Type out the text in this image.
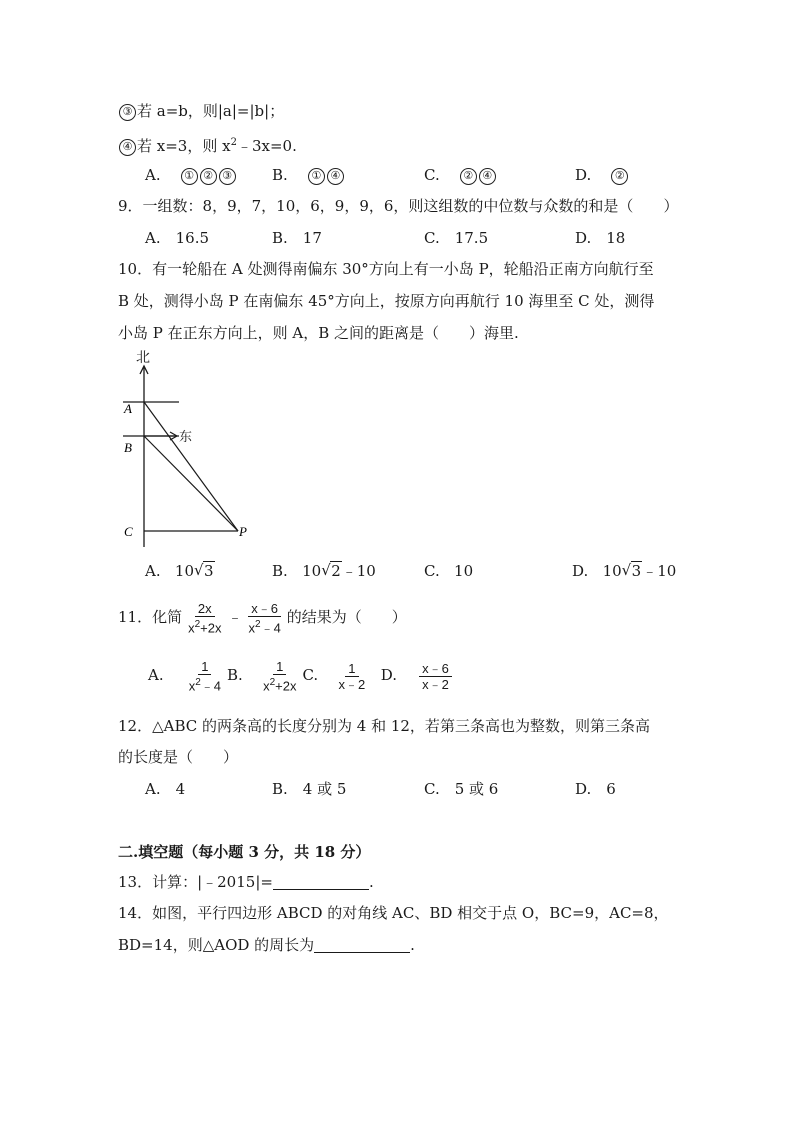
③ 若 a=b，则|a|=|b|；
④ 若 x=3，则 $x^2﹣3x=0$.
A. ① ② ③	B. ① ④	C. ② ④	D. ②
9．一组数：8，9，7，10，6，9，9，6，则这组数的中位数与众数的和是（　　）
A.　16.5	B.　17	C.　17.5	D.　18
10．有一轮船在 A 处测得南偏东 30°方向上有一小岛 P，轮船沿正南方向航行至
B 处，测得小岛 P 在南偏东 45°方向上，按原方向再航行 10 海里至 C 处，测得
小岛 P 在正东方向上，则 A，B 之间的距离是（　　）海里.
北
东
A
B
C	P
A. 10 √ 3	B. 10 √ 2﹣10	C. 10	D. 10 √ 3﹣10
11．化简 $\frac{2x}{x^2+2x}$ ﹣ $\frac{x﹣6}{x^2﹣4}$ 的结果为（　　）
A. $\frac{1}{x^2﹣4} B$. $\frac{1}{x^2+2x} C$. $\frac{1}{x﹣2} D$. $\frac{x﹣6}{x﹣2}$
12．△ABC 的两条高的长度分别为 4 和 12，若第三条高也为整数，则第三条高
的长度是（　　）
A.　4	B.　4 或 5	C.　5 或 6	D.　6
二.填空题（每小题 3 分，共 18 分）
13．计算：|﹣2015|=	.
14．如图，平行四边形 ABCD 的对角线 AC、BD 相交于点 O，BC=9，AC=8，
BD=14，则△AOD 的周长为	.
